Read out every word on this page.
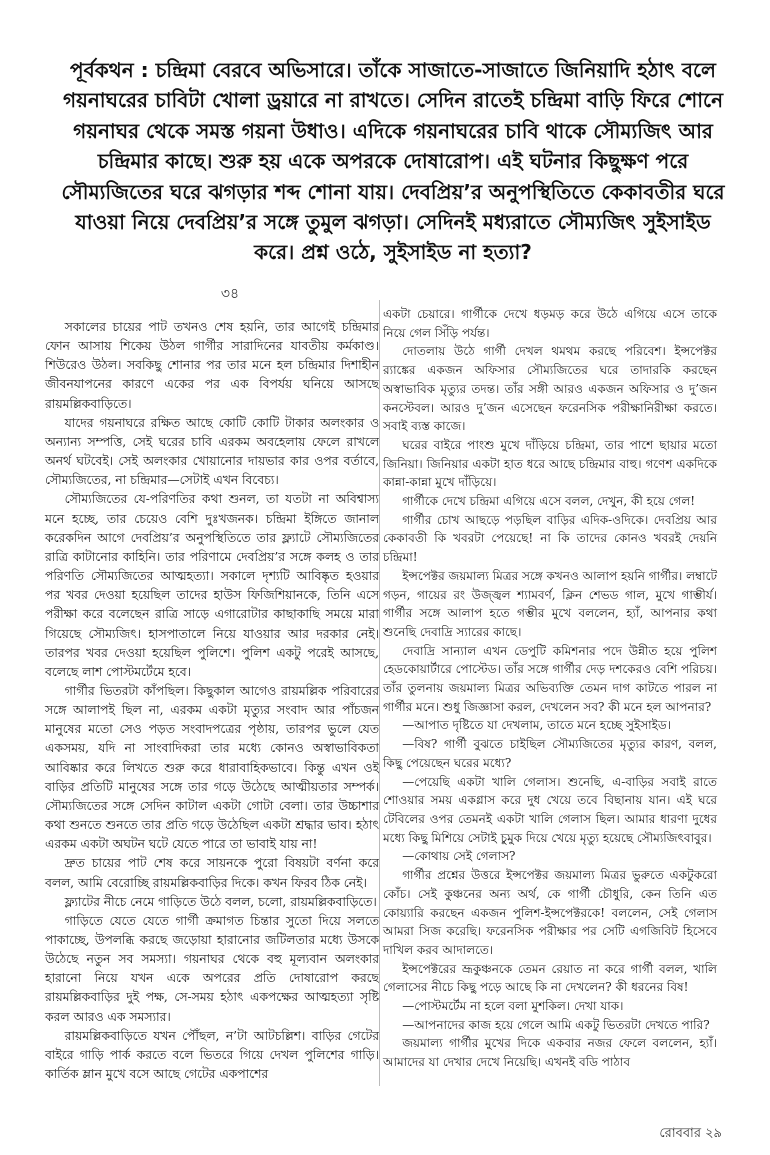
পূর্বকথন : চন্দ্রিমা বেরবে অভিসারে। তাঁকে সাজাতে-সাজাতে জিনিয়াদি হঠাৎ বলে গয়নাঘরের চাবিটা খোলা ড্রয়ারে না রাখতে। সেদিন রাতেই চন্দ্রিমা বাড়ি ফিরে শোনে গয়নাঘর থেকে সমস্ত গয়না উধাও। এদিকে গয়নাঘরের চাবি থাকে সৌম্যজিৎ আর চন্দ্রিমার কাছে। শুরু হয় একে অপরকে দোষারোপ। এই ঘটনার কিছুক্ষণ পরে সৌম্যজিতের ঘরে ঝগড়ার শব্দ শোনা যায়। দেবপ্রিয়’র অনুপস্থিতিতে কেকাবতীর ঘরে যাওয়া নিয়ে দেবপ্রিয়’র সঙ্গে তুমুল ঝগড়া। সেদিনই মধ্যরাতে সৌম্যজিৎ সুইসাইড করে। প্রশ্ন ওঠে, সুইসাইড না হত্যা?
৩৪

সকালের চায়ের পাট তখনও শেষ হয়নি, তার আগেই চন্দ্রিমার ফোন আসায় শিকেয় উঠল গার্গীর সারাদিনের যাবতীয় কর্মকাণ্ড। শিউরেও উঠল। সবকিছু শোনার পর তার মনে হল চন্দ্রিমার দিশাহীন জীবনযাপনের কারণে একের পর এক বিপর্যয় ঘনিয়ে আসছে রায়মল্লিকবাড়িতে।

যাদের গয়নাঘরে রক্ষিত আছে কোটি কোটি টাকার অলংকার ও অন্যান্য সম্পত্তি, সেই ঘরের চাবি এরকম অবহেলায় ফেলে রাখলে অনর্থ ঘটবেই। সেই অলংকার খোয়ানোর দায়ভার কার ওপর বর্তাবে, সৌম্যজিতের, না চন্দ্রিমার—সেটাই এখন বিবেচ্য।

সৌম্যজিতের যে-পরিণতির কথা শুনল, তা যতটা না অবিশ্বাস্য মনে হচ্ছে, তার চেয়েও বেশি দুঃখজনক। চন্দ্রিমা ইঙ্গিতে জানাল করেকদিন আগে দেবপ্রিয়’র অনুপস্থিতিতে তার ফ্ল্যাটে সৌম্যজিতের রাত্রি কাটানোর কাহিনি। তার পরিণামে দেবপ্রিয়’র সঙ্গে কলহ ও তার পরিণতি সৌম্যজিতের আত্মহত্যা। সকালে দৃশ্যটি আবিষ্কৃত হওয়ার পর খবর দেওয়া হয়েছিল তাদের হাউস ফিজিশিয়ানকে, তিনি এসে পরীক্ষা করে বলেছেন রাত্রি সাড়ে এগারোটার কাছাকাছি সময়ে মারা গিয়েছে সৌম্যজিৎ। হাসপাতালে নিয়ে যাওয়ার আর দরকার নেই। তারপর খবর দেওয়া হয়েছিল পুলিশে। পুলিশ একটু পরেই আসছে, বলেছে লাশ পোস্টমর্টেমে হবে।

গার্গীর ভিতরটা কাঁপছিল। কিছুকাল আগেও রায়মল্লিক পরিবারের সঙ্গে আলাপই ছিল না, এরকম একটা মৃত্যুর সংবাদ আর পাঁচজন মানুষের মতো সেও পড়ত সংবাদপত্রের পৃষ্ঠায়, তারপর ভুলে যেত একসময়, যদি না সাংবাদিকরা তার মধ্যে কোনও অস্বাভাবিকতা আবিষ্কার করে লিখতে শুরু করে ধারাবাহিকভাবে। কিন্তু এখন ওই বাড়ির প্রতিটি মানুষের সঙ্গে তার গড়ে উঠেছে আত্মীয়তার সম্পর্ক। সৌম্যজিতের সঙ্গে সেদিন কাটাল একটা গোটা বেলা। তার উচ্চাশার কথা শুনতে শুনতে তার প্রতি গড়ে উঠেছিল একটা শ্রদ্ধার ভাব। হঠাৎ এরকম একটা অঘটন ঘটে যেতে পারে তা ভাবাই যায় না!

দ্রুত চায়ের পাট শেষ করে সায়নকে পুরো বিষয়টা বর্ণনা করে বলল, আমি বেরোচ্ছি রায়মল্লিকবাড়ির দিকে। কখন ফিরব ঠিক নেই।

ফ্ল্যাটের নীচে নেমে গাড়িতে উঠে বলল, চলো, রায়মল্লিকবাড়িতে।

গাড়িতে যেতে যেতে গার্গী ক্রমাগত চিন্তার সুতো দিয়ে সলতে পাকাচ্ছে, উপলব্ধি করছে জড়োয়া হারানোর জটিলতার মধ্যে উসকে উঠেছে নতুন সব সমস্যা। গয়নাঘর থেকে বহু মূল্যবান অলংকার হারানো নিয়ে যখন একে অপরের প্রতি দোষারোপ করছে রায়মল্লিকবাড়ির দুই পক্ষ, সে-সময় হঠাৎ একপক্ষের আত্মহত্যা সৃষ্টি করল আরও এক সমস্যার।

রায়মল্লিকবাড়িতে যখন পৌঁছল, ন’টা আটচল্লিশ। বাড়ির গেটের বাইরে গাড়ি পার্ক করতে বলে ভিতরে গিয়ে দেখল পুলিশের গাড়ি। কার্তিক ম্লান মুখে বসে আছে গেটের একপাশের

একটা চেয়ারে। গার্গীকে দেখে ধড়মড় করে উঠে এগিয়ে এসে তাকে নিয়ে গেল সিঁড়ি পর্যন্ত।

দোতলায় উঠে গার্গী দেখল থমথম করছে পরিবেশ। ইন্সপেক্টর র‍্যাঙ্কের একজন অফিসার সৌম্যজিতের ঘরে তাদারকি করছেন অস্বাভাবিক মৃত্যুর তদন্ত। তাঁর সঙ্গী আরও একজন অফিসার ও দু’জন কনস্টেবল। আরও দু’জন এসেছেন ফরেনসিক পরীক্ষানিরীক্ষা করতে। সবাই ব্যস্ত কাজে।

ঘরের বাইরে পাংশু মুখে দাঁড়িয়ে চন্দ্রিমা, তার পাশে ছায়ার মতো জিনিয়া। জিনিয়ার একটা হাত ধরে আছে চন্দ্রিমার বাহু। গণেশ একদিকে কান্না-কান্না মুখে দাঁড়িয়ে।

গার্গীকে দেখে চন্দ্রিমা এগিয়ে এসে বলল, দেখুন, কী হয়ে গেল!

গার্গীর চোখ আছড়ে পড়ছিল বাড়ির এদিক-ওদিকে। দেবপ্রিয় আর কেকাবতী কি খবরটা পেয়েছে! না কি তাদের কোনও খবরই দেয়নি চন্দ্রিমা!

ইন্সপেক্টর জয়মাল্য মিত্রর সঙ্গে কখনও আলাপ হয়নি গার্গীর। লম্বাটে গড়ন, গায়ের রং উজ্জ্বল শ্যামবর্ণ, ক্লিন শেভড গাল, মুখে গাম্ভীর্য। গার্গীর সঙ্গে আলাপ হতে গম্ভীর মুখে বললেন, হ্যাঁ, আপনার কথা শুনেছি দেবাদ্রি স্যারের কাছে।

দেবাদ্রি সান্যাল এখন ডেপুটি কমিশনার পদে উন্নীত হয়ে পুলিশ হেডকোয়ার্টারে পোস্টেড। তাঁর সঙ্গে গার্গীর দেড় দশকেরও বেশি পরিচয়। তাঁর তুলনায় জয়মাল্য মিত্রর অভিব্যক্তি তেমন দাগ কাটতে পারল না গার্গীর মনে। শুধু জিজ্ঞাসা করল, দেখলেন সব? কী মনে হল আপনার?

—আপাত দৃষ্টিতে যা দেখলাম, তাতে মনে হচ্ছে সুইসাইড।

—বিষ? গার্গী বুঝতে চাইছিল সৌম্যজিতের মৃত্যুর কারণ, বলল, কিছু পেয়েছেন ঘরের মধ্যে?

—পেয়েছি একটা খালি গেলাস। শুনেছি, এ-বাড়ির সবাই রাতে শোওয়ার সময় একগ্লাস করে দুধ খেয়ে তবে বিছানায় যান। এই ঘরে টেবিলের ওপর তেমনই একটা খালি গেলাস ছিল। আমার ধারণা দুধের মধ্যে কিছু মিশিয়ে সেটাই চুমুক দিয়ে খেয়ে মৃত্যু হয়েছে সৌম্যজিৎবাবুর।

—কোথায় সেই গেলাস?

গার্গীর প্রশ্নের উত্তরে ইন্সপেক্টর জয়মাল্য মিত্রর ভুরুতে একটুকরো কোঁচ। সেই কুঞ্চনের অন্য অর্থ, কে গার্গী চৌধুরি, কেন তিনি এত কোয়্যারি করছেন একজন পুলিশ-ইন্সপেক্টরকে! বললেন, সেই গেলাস আমরা সিজ করেছি। ফরেনসিক পরীক্ষার পর সেটি এগজিবিট হিসেবে দাখিল করব আদালতে।

ইন্সপেক্টরের ভ্রূকুঞ্চনকে তেমন রেয়াত না করে গার্গী বলল, খালি গেলাসের নীচে কিছু পড়ে আছে কি না দেখলেন? কী ধরনের বিষ!

—পোস্টমর্টেম না হলে বলা মুশকিল। দেখা যাক।

—আপনাদের কাজ হয়ে গেলে আমি একটু ভিতরটা দেখতে পারি?

জয়মাল্য গার্গীর মুখের দিকে একবার নজর ফেলে বললেন, হ্যাঁ। আমাদের যা দেখার দেখে নিয়েছি। এখনই বডি পাঠাব

রোববার ২৯
